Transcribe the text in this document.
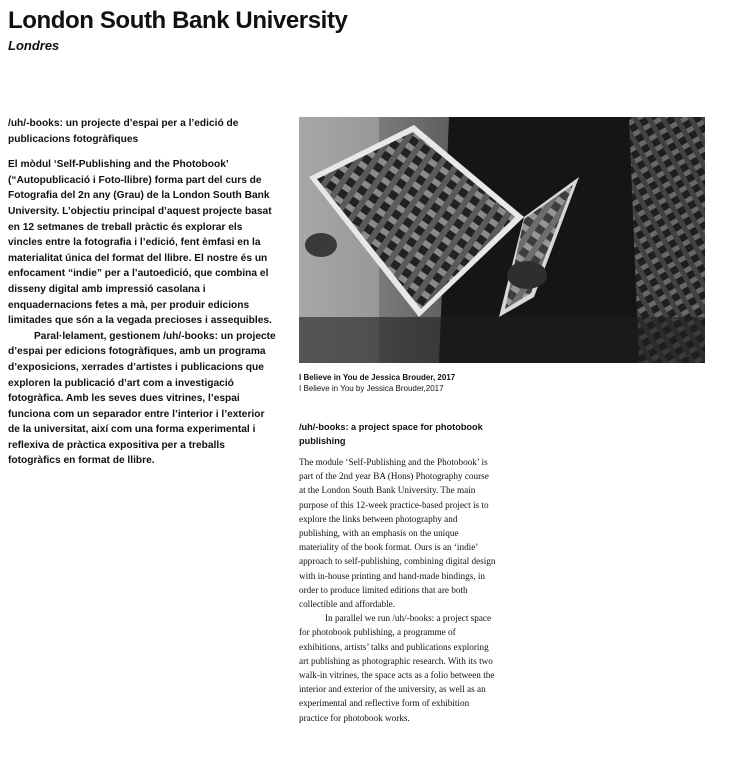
London South Bank University
Londres

/uh/-books: un projecte d’espai per a l’edició de publicacions fotogràfiques

El mòdul ‘Self-Publishing and the Photobook’ (“Autopublicació i Foto-llibre) forma part del curs de Fotografia del 2n any (Grau) de la London South Bank University. L’objectiu principal d’aquest projecte basat en 12 setmanes de treball pràctic és explorar els vincles entre la fotografia i l’edició, fent èmfasi en la materialitat única del format del llibre. El nostre és un enfocament “indie” per a l’autoedició, que combina el disseny digital amb impressió casolana i enquadernacions fetes a mà, per produir edicions limitades que són a la vegada precioses i assequibles.

Paral·lelament, gestionem /uh/-books: un projecte d’espai per edicions fotogràfiques, amb un programa d’exposicions, xerrades d’artistes i publicacions que exploren la publicació d’art com a investigació fotogràfica. Amb les seves dues vitrines, l’espai funciona com un separador entre l’interior i l’exterior de la universitat, així com una forma experimental i reflexiva de pràctica expositiva per a treballs fotogràfics en format de llibre.

I Believe in You de Jessica Brouder, 2017

I Believe in You by Jessica Brouder,2017

/uh/-books: a project space for photobook publishing

The module ‘Self-Publishing and the Photobook’ is part of the 2nd year BA (Hons) Photography course at the London South Bank University. The main purpose of this 12-week practice-based project is to explore the links between photography and publishing, with an emphasis on the unique materiality of the book format. Ours is an ‘indie’ approach to self-publishing, combining digital design with in-house printing and hand-made bindings, in order to produce limited editions that are both collectible and affordable.

In parallel we run /uh/-books: a project space for photobook publishing, a programme of exhibitions, artists’ talks and publications exploring art publishing as photographic research. With its two walk-in vitrines, the space acts as a folio between the interior and exterior of the university, as well as an experimental and reflective form of exhibition practice for photobook works.
